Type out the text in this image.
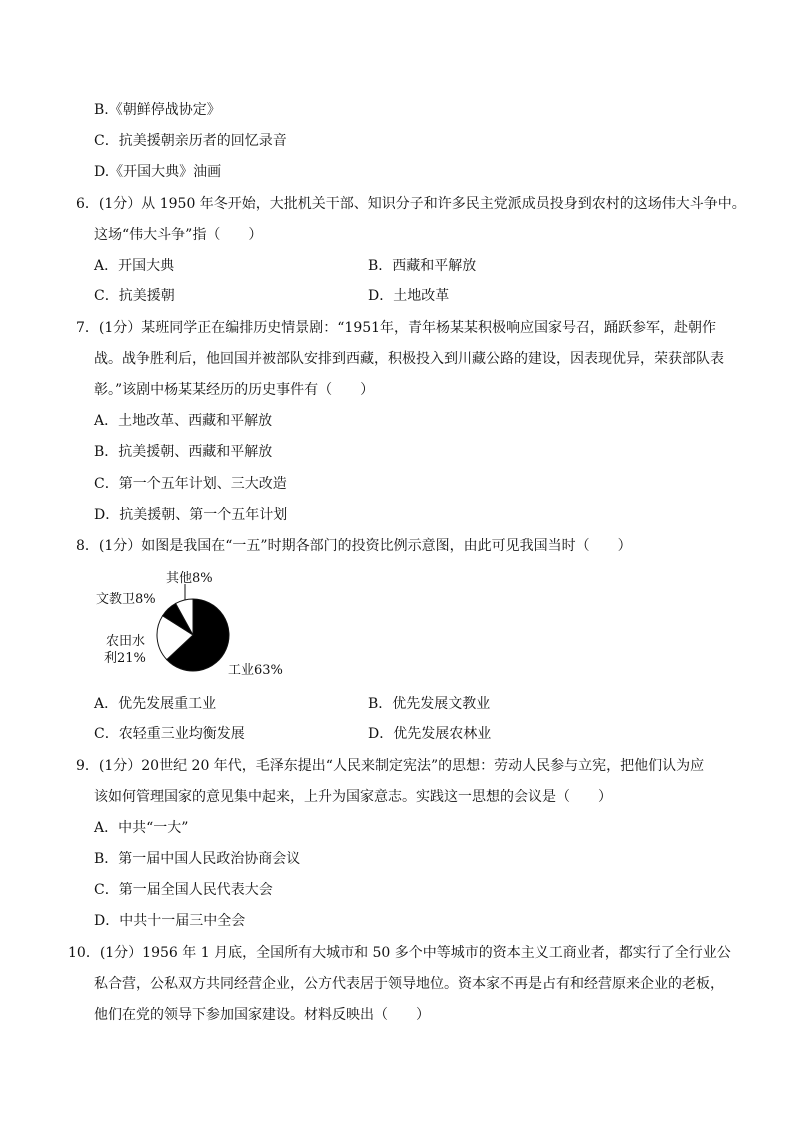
B.《朝鲜停战协定》
C．抗美援朝亲历者的回忆录音
D.《开国大典》油画
6．(1分）从 1950 年冬开始，大批机关干部、知识分子和许多民主党派成员投身到农村的这场伟大斗争中。
这场“伟大斗争”指（　　）
A．开国大典	B．西藏和平解放
C．抗美援朝	D．土地改革
7．(1分）某班同学正在编排历史情景剧：“1951年，青年杨某某积极响应国家号召，踊跃参军，赴朝作
战。战争胜利后，他回国并被部队安排到西藏，积极投入到川藏公路的建设，因表现优异，荣获部队表
彰。”该剧中杨某某经历的历史事件有（　　）
A．土地改革、西藏和平解放
B．抗美援朝、西藏和平解放
C．第一个五年计划、三大改造
D．抗美援朝、第一个五年计划
8．(1分）如图是我国在“一五”时期各部门的投资比例示意图，由此可见我国当时（　　）
其他8%
文教卫8%
农田水
利21%
工业63%
A．优先发展重工业	B．优先发展文教业
C．农轻重三业均衡发展	D．优先发展农林业
9．(1分）20世纪 20 年代，毛泽东提出“人民来制定宪法”的思想：劳动人民参与立宪，把他们认为应
该如何管理国家的意见集中起来，上升为国家意志。实践这一思想的会议是（　　）
A．中共“一大”
B．第一届中国人民政治协商会议
C．第一届全国人民代表大会
D．中共十一届三中全会
10．(1分）1956 年 1 月底，全国所有大城市和 50 多个中等城市的资本主义工商业者，都实行了全行业公
私合营，公私双方共同经营企业，公方代表居于领导地位。资本家不再是占有和经营原来企业的老板，
他们在党的领导下参加国家建设。材料反映出（　　）
